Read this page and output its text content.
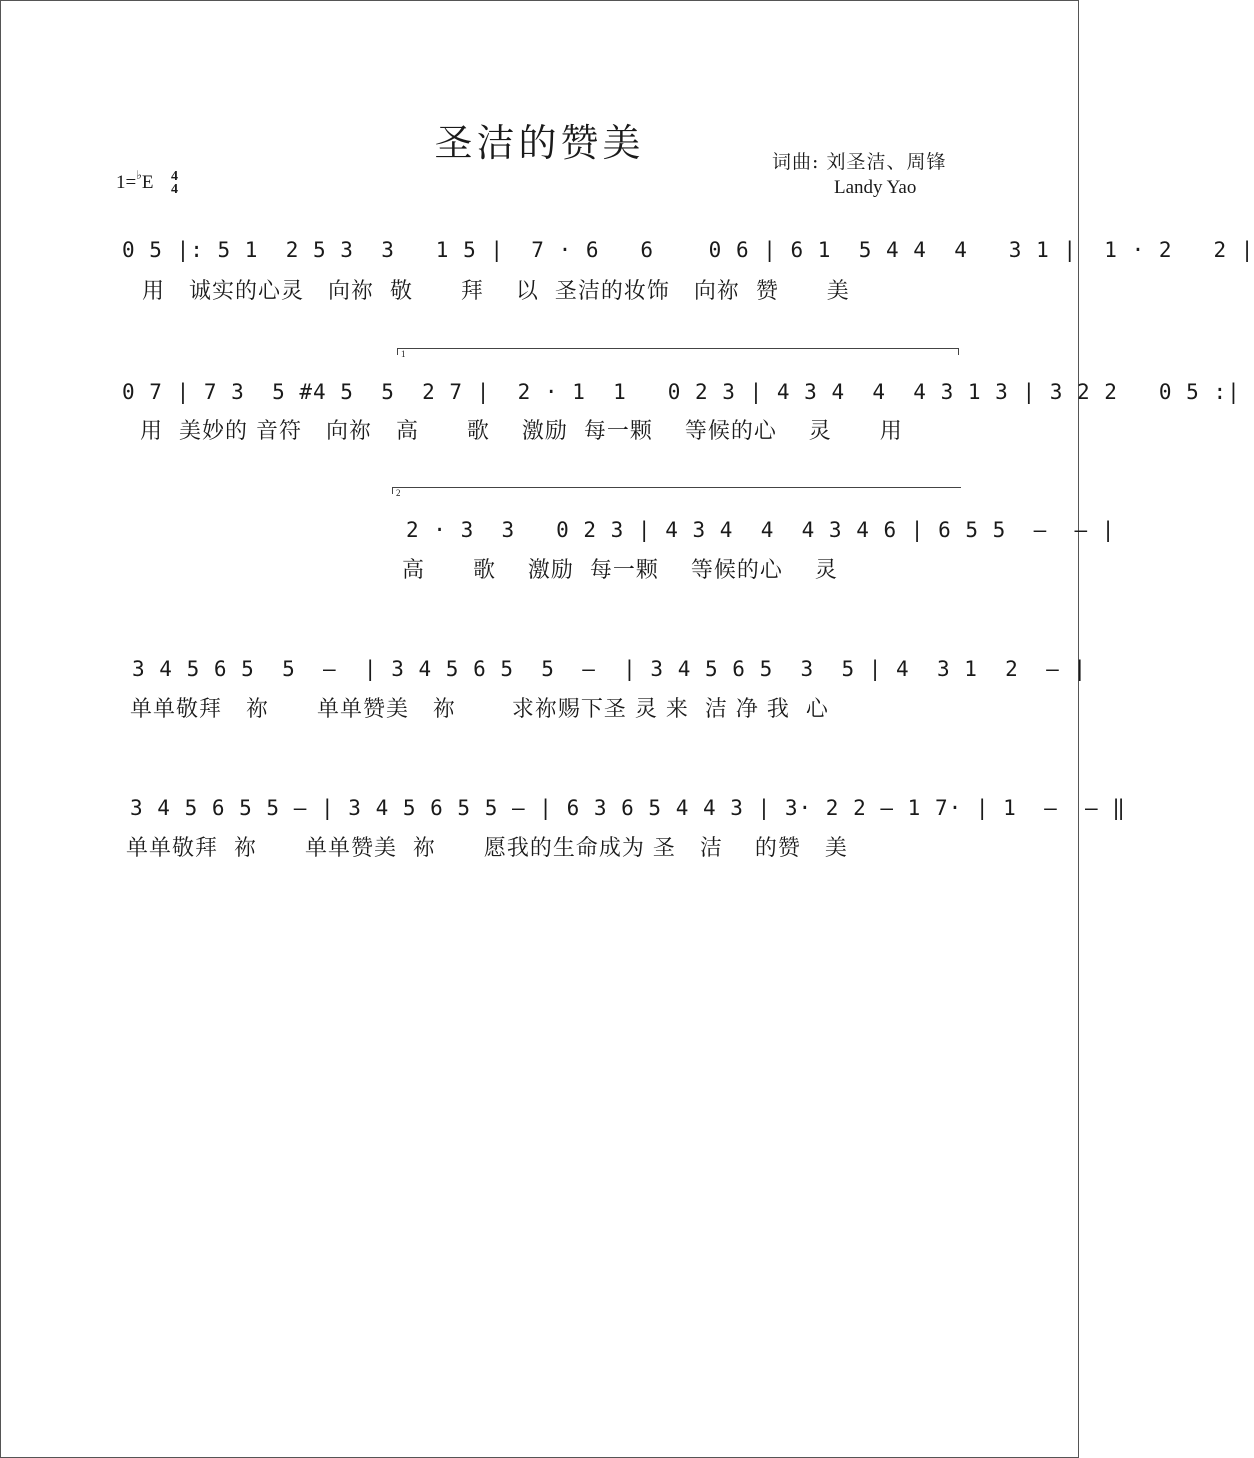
圣洁的赞美	词曲: 刘圣洁、周锋
Landy Yao
1=♭E 4
4
0 5 |: 5 1  2 5 3  3   1 5 |  7 · 6   6    0 6 | 6 1  5 4 4  4   3 1 |  1 · 2   2 |
用   诚实的心灵   向祢  敬      拜    以  圣洁的妆饰   向祢  赞      美
1
0 7 | 7 3  5 #4 5  5  2 7 |  2 · 1  1   0 2 3 | 4 3 4  4  4 3 1 3 | 3 2 2   0 5 :|
用  美妙的 音符   向祢   高      歌    激励  每一颗    等候的心    灵      用
2
2 · 3  3   0 2 3 | 4 3 4  4  4 3 4 6 | 6 5 5  —  — |
高      歌    激励  每一颗    等候的心    灵
3 4 5 6 5  5  —  | 3 4 5 6 5  5  —  | 3 4 5 6 5  3  5 | 4  3 1  2  — |
单单敬拜   祢      单单赞美   祢       求祢赐下圣 灵 来  洁 净 我  心
3 4 5 6 5 5 — | 3 4 5 6 5 5 — | 6 3 6 5 4 4 3 | 3· 2 2 — 1 7· | 1  —  — ‖
单单敬拜  祢      单单赞美  祢      愿我的生命成为 圣   洁    的赞   美
